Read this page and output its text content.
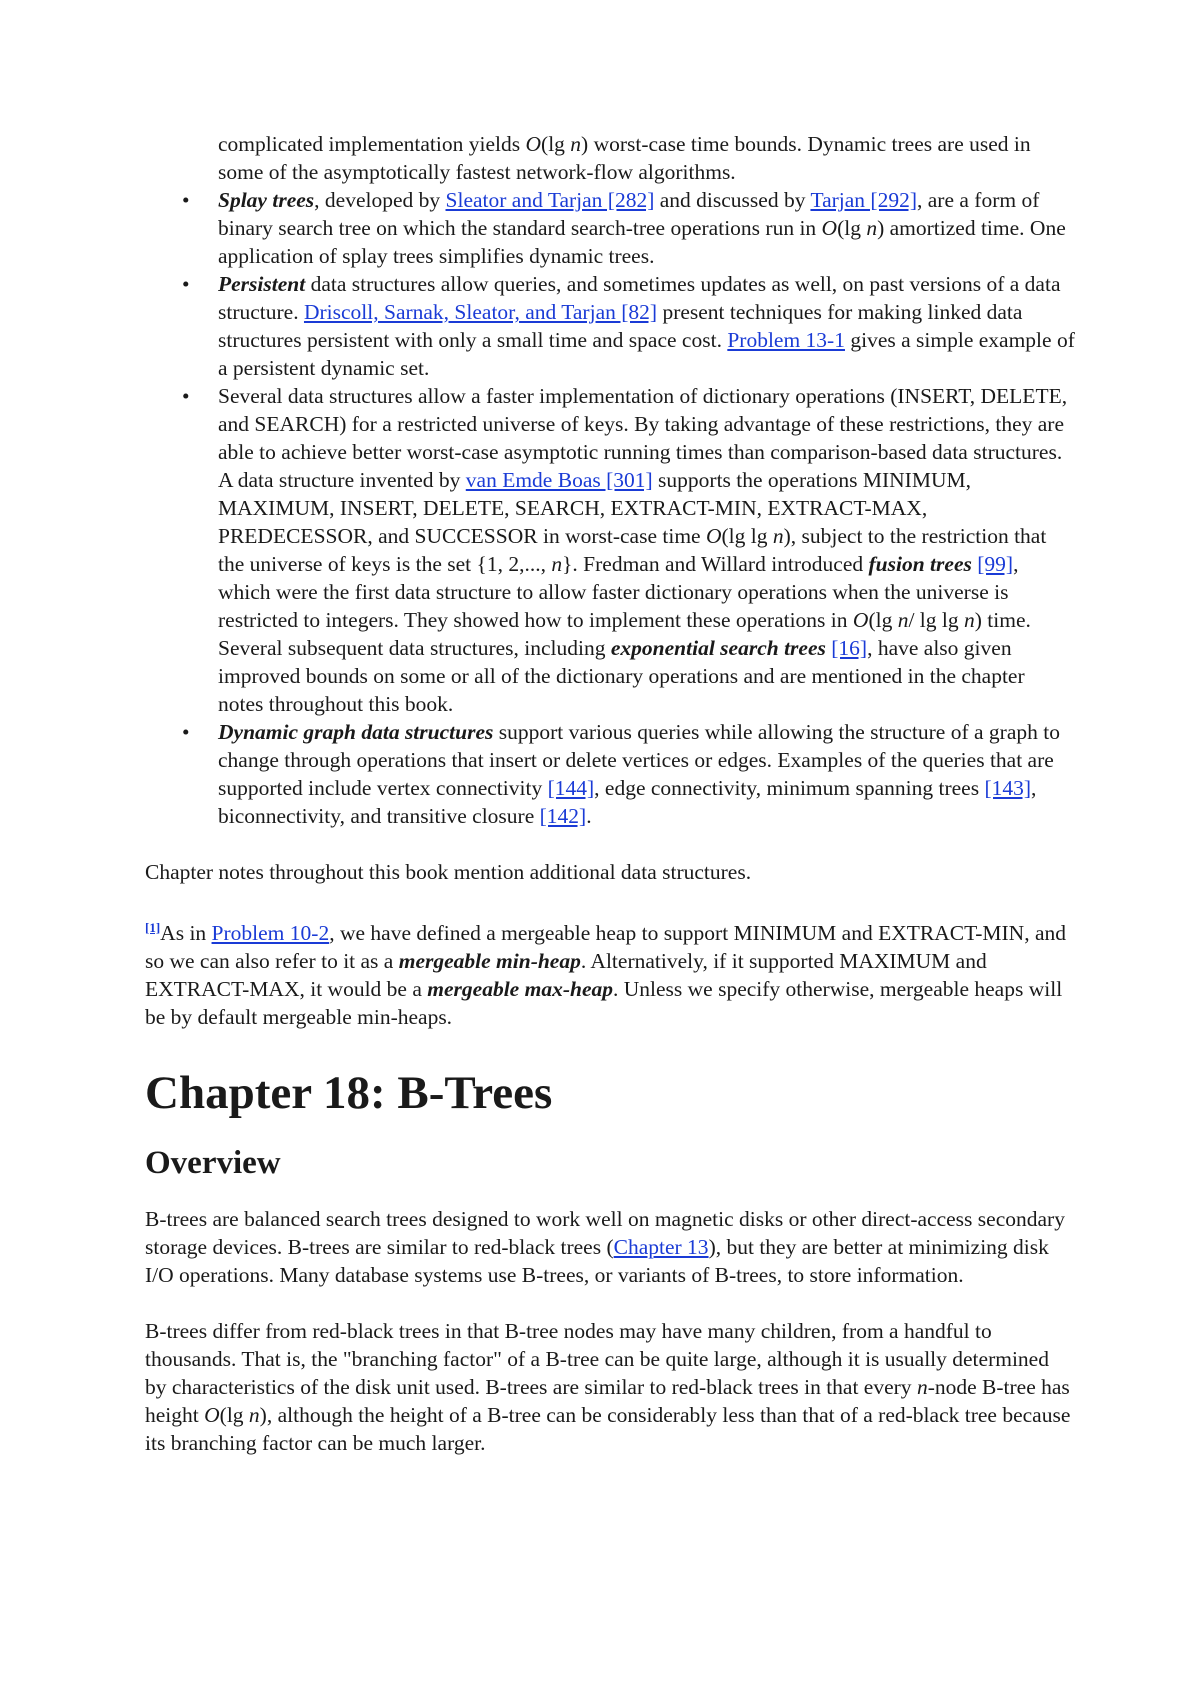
complicated implementation yields O(lg n) worst-case time bounds. Dynamic trees are used in some of the asymptotically fastest network-flow algorithms.
• Splay trees, developed by Sleator and Tarjan [282] and discussed by Tarjan [292], are a form of binary search tree on which the standard search-tree operations run in O(lg n) amortized time. One application of splay trees simplifies dynamic trees.
• Persistent data structures allow queries, and sometimes updates as well, on past versions of a data structure. Driscoll, Sarnak, Sleator, and Tarjan [82] present techniques for making linked data structures persistent with only a small time and space cost. Problem 13-1 gives a simple example of a persistent dynamic set.
• Several data structures allow a faster implementation of dictionary operations (INSERT, DELETE, and SEARCH) for a restricted universe of keys. By taking advantage of these restrictions, they are able to achieve better worst-case asymptotic running times than comparison-based data structures. A data structure invented by van Emde Boas [301] supports the operations MINIMUM, MAXIMUM, INSERT, DELETE, SEARCH, EXTRACT-MIN, EXTRACT-MAX, PREDECESSOR, and SUCCESSOR in worst-case time O(lg lg n), subject to the restriction that the universe of keys is the set {1, 2,..., n}. Fredman and Willard introduced fusion trees [99], which were the first data structure to allow faster dictionary operations when the universe is restricted to integers. They showed how to implement these operations in O(lg n/ lg lg n) time. Several subsequent data structures, including exponential search trees [16], have also given improved bounds on some or all of the dictionary operations and are mentioned in the chapter notes throughout this book.
• Dynamic graph data structures support various queries while allowing the structure of a graph to change through operations that insert or delete vertices or edges. Examples of the queries that are supported include vertex connectivity [144], edge connectivity, minimum spanning trees [143], biconnectivity, and transitive closure [142].

Chapter notes throughout this book mention additional data structures.

[1]As in Problem 10-2, we have defined a mergeable heap to support MINIMUM and EXTRACT-MIN, and so we can also refer to it as a mergeable min-heap. Alternatively, if it supported MAXIMUM and EXTRACT-MAX, it would be a mergeable max-heap. Unless we specify otherwise, mergeable heaps will be by default mergeable min-heaps.

Chapter 18: B-Trees
Overview

B-trees are balanced search trees designed to work well on magnetic disks or other direct-access secondary storage devices. B-trees are similar to red-black trees (Chapter 13), but they are better at minimizing disk I/O operations. Many database systems use B-trees, or variants of B-trees, to store information.

B-trees differ from red-black trees in that B-tree nodes may have many children, from a handful to thousands. That is, the "branching factor" of a B-tree can be quite large, although it is usually determined by characteristics of the disk unit used. B-trees are similar to red-black trees in that every n-node B-tree has height O(lg n), although the height of a B-tree can be considerably less than that of a red-black tree because its branching factor can be much larger.
